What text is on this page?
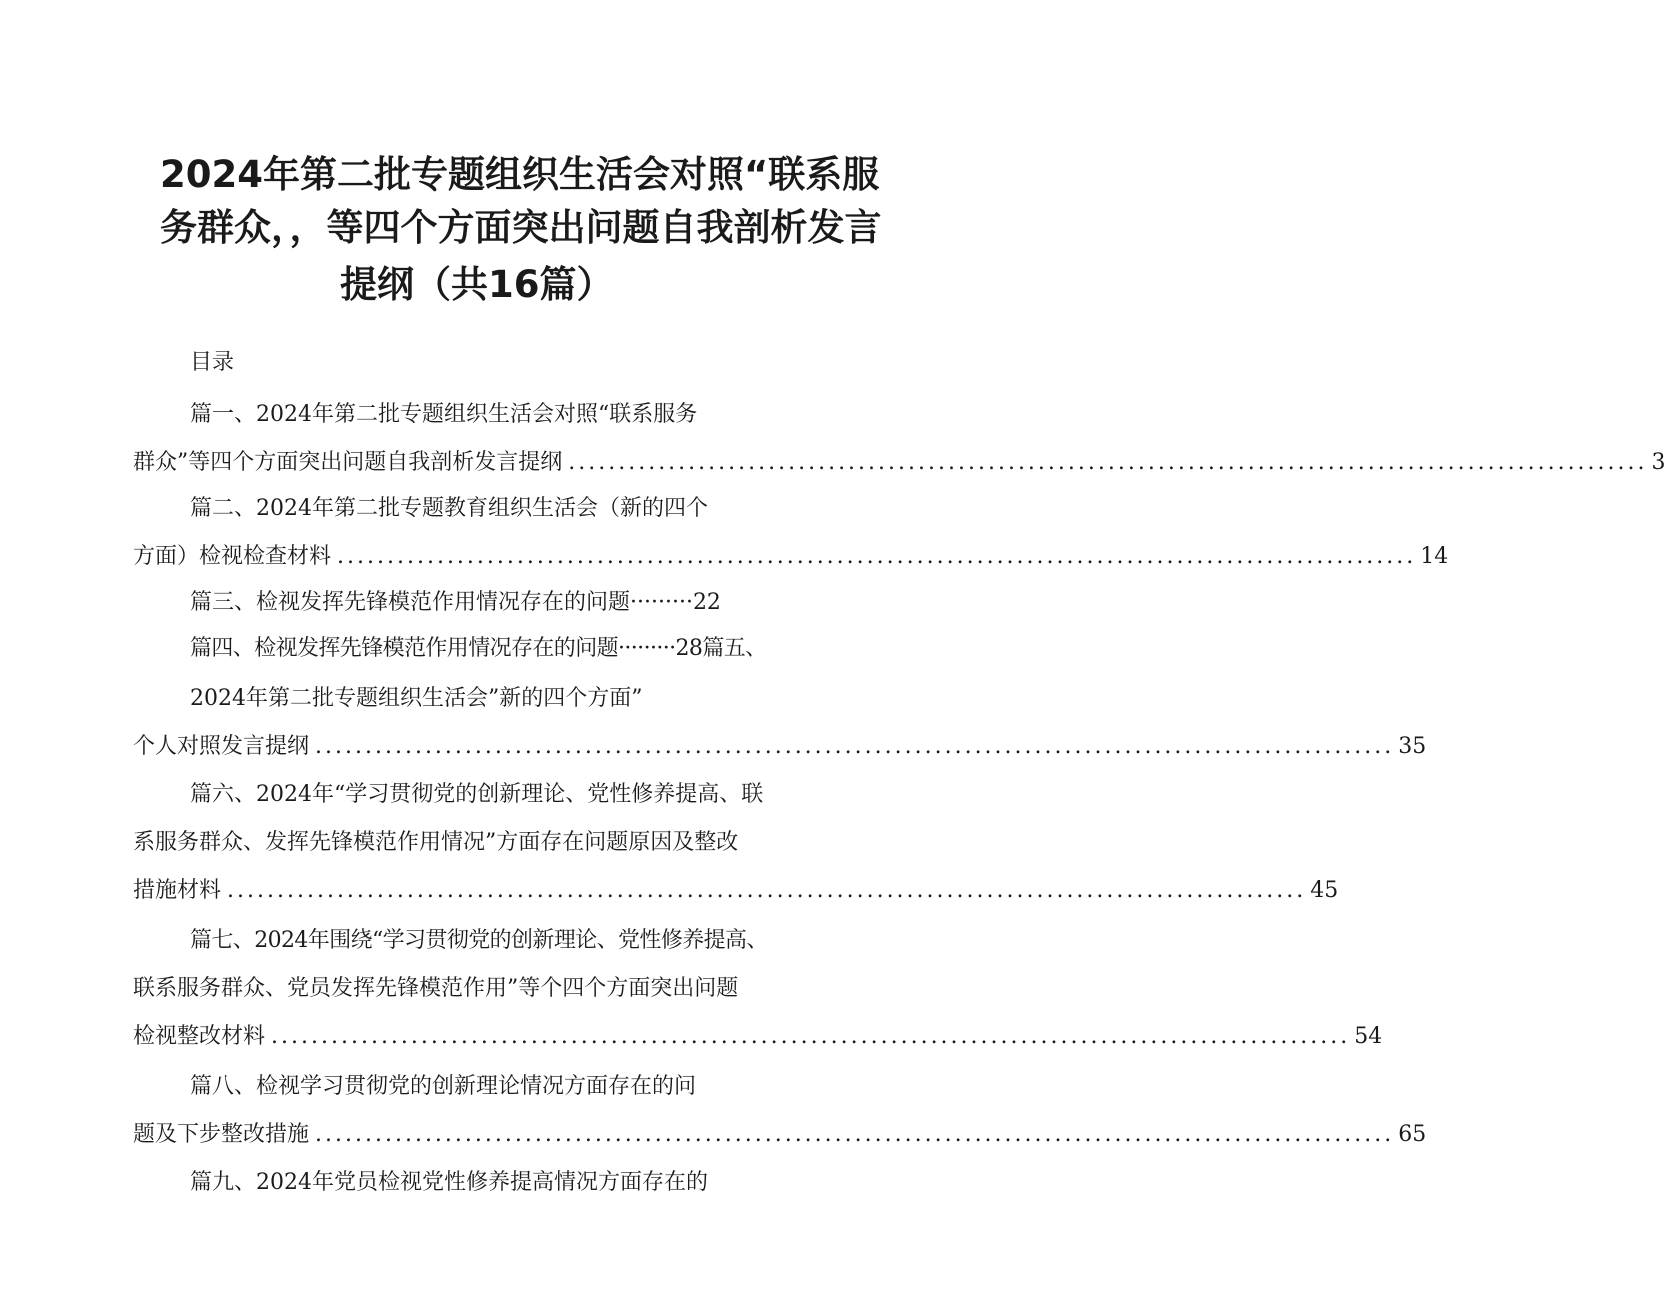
2024年第二批专题组织生活会对照“联系服
务群众，，等四个方面突出问题自我剖析发言
提纲（共16篇）
目录
篇一、2024年第二批专题组织生活会对照“联系服务
群众”等四个方面突出问题自我剖析发言提纲 ............................................................................................................ 3
篇二、2024年第二批专题教育组织生活会（新的四个
方面）检视检查材料 ............................................................................................................ 14
篇三、检视发挥先锋模范作用情况存在的问题·········22
篇四、检视发挥先锋模范作用情况存在的问题·········28篇五、
2024年第二批专题组织生活会”新的四个方面”
个人对照发言提纲 ............................................................................................................ 35
篇六、2024年“学习贯彻党的创新理论、党性修养提高、联
系服务群众、发挥先锋模范作用情况”方面存在问题原因及整改
措施材料 ............................................................................................................ 45
篇七、2024年围绕“学习贯彻党的创新理论、党性修养提高、
联系服务群众、党员发挥先锋模范作用”等个四个方面突出问题
检视整改材料 ............................................................................................................ 54
篇八、检视学习贯彻党的创新理论情况方面存在的问
题及下步整改措施 ............................................................................................................ 65
篇九、2024年党员检视党性修养提高情况方面存在的
